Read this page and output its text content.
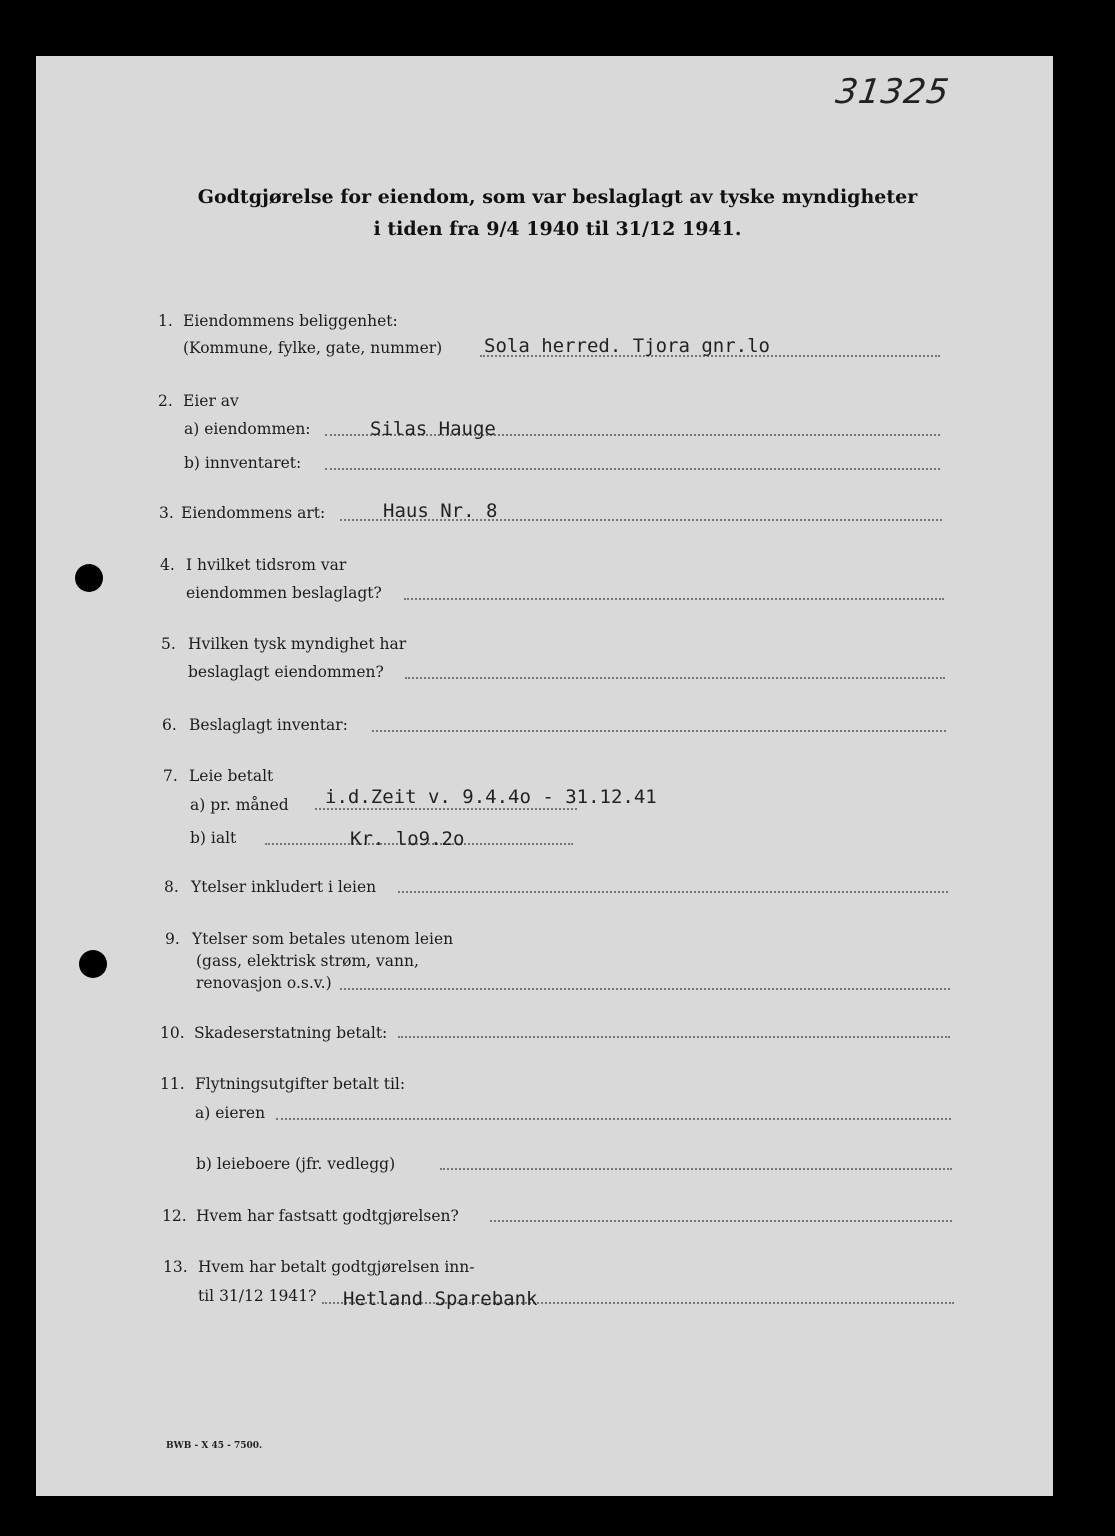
31325
Godtgjørelse for eiendom, som var beslaglagt av tyske myndigheter
i tiden fra 9/4 1940 til 31/12 1941.
1. Eiendommens beliggenhet:
(Kommune, fylke, gate, nummer) Sola herred. Tjora gnr.lo
2. Eier av
a) eiendommen:	Silas Hauge
b) innventaret:
3. Eiendommens art:	Haus Nr. 8
4. I hvilket tidsrom var
eiendommen beslaglagt?
5. Hvilken tysk myndighet har
beslaglagt eiendommen?
6. Beslaglagt inventar:
7. Leie betalt
a) pr. måned i.d.Zeit v. 9.4.4o - 31.12.41
b) ialt	Kr. lo9.2o
8. Ytelser inkludert i leien
9. Ytelser som betales utenom leien
(gass, elektrisk strøm, vann,
renovasjon o.s.v.)
10. Skadeserstatning betalt:
11. Flytningsutgifter betalt til:
a) eieren
b) leieboere (jfr. vedlegg)
12. Hvem har fastsatt godtgjørelsen?
13. Hvem har betalt godtgjørelsen inn-
til 31/12 1941? Hetland Sparebank
BWB - X 45 - 7500.
